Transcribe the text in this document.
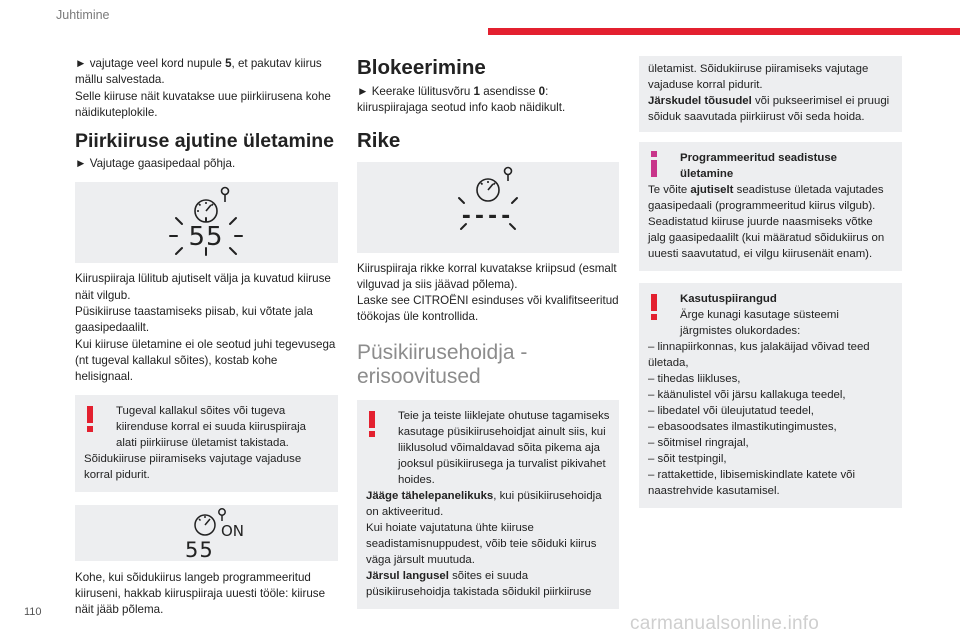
Juhtimine

► vajutage veel kord nupule 5, et pakutav kiirus mällu salvestada.
Selle kiiruse näit kuvatakse uue piirkiirusena kohe näidikuteplokile.

Piirkiiruse ajutine ületamine

► Vajutage gaasipedaal põhja.

55

Kiiruspiiraja lülitub ajutiselt välja ja kuvatud kiiruse näit vilgub.

Püsikiiruse taastamiseks piisab, kui võtate jala gaasipedaalilt.

Kui kiiruse ületamine ei ole seotud juhi tegevusega (nt tugeval kallakul sõites), kostab kohe helisignaal.

Tugeval kallakul sõites või tugeva kiirenduse korral ei suuda kiiruspiiraja alati piirkiiruse ületamist takistada.

Sõidukiiruse piiramiseks vajutage vajaduse korral pidurit.

ON
55

Kohe, kui sõidukiirus langeb programmeeritud kiiruseni, hakkab kiiruspiiraja uuesti tööle: kiiruse näit jääb põlema.

Blokeerimine

► Keerake lülitusvõru 1 asendisse 0: kiiruspiirajaga seotud info kaob näidikult.

Rike
----

Kiiruspiiraja rikke korral kuvatakse kriipsud (esmalt vilguvad ja siis jäävad põlema).

Laske see CITROËNI esinduses või kvalifitseeritud töökojas üle kontrollida.

Püsikiirusehoidja - erisoovitused

Teie ja teiste liiklejate ohutuse tagamiseks kasutage püsikiirusehoidjat ainult siis, kui liiklusolud võimaldavad sõita pikema aja jooksul püsikiirusega ja turvalist pikivahet hoides.

Jääge tähelepanelikuks, kui püsikiirusehoidja on aktiveeritud.

Kui hoiate vajutatuna ühte kiiruse seadistamisnuppudest, võib teie sõiduki kiirus väga järsult muutuda.

Järsul langusel sõites ei suuda püsikiirusehoidja takistada sõidukil piirkiiruse

ületamist. Sõidukiiruse piiramiseks vajutage vajaduse korral pidurit.

Järskudel tõusudel või pukseerimisel ei pruugi sõiduk saavutada piirkiirust või seda hoida.

Programmeeritud seadistuse ületamine

Te võite ajutiselt seadistuse ületada vajutades gaasipedaali (programmeeritud kiirus vilgub).

Seadistatud kiiruse juurde naasmiseks võtke jalg gaasipedaalilt (kui määratud sõidukiirus on uuesti saavutatud, ei vilgu kiirusenäit enam).

Kasutuspiirangud

Ärge kunagi kasutage süsteemi järgmistes olukordades:

– linnapiirkonnas, kus jalakäijad võivad teed ületada,

– tihedas liikluses,

– käänulistel või järsu kallakuga teedel,

– libedatel või üleujutatud teedel,

– ebasoodsates ilmastikutingimustes,

– sõitmisel ringrajal,

– sõit testpingil,

– rattakettide, libisemiskindlate katete või naastrehvide kasutamisel.

110
carmanualsonline.info
